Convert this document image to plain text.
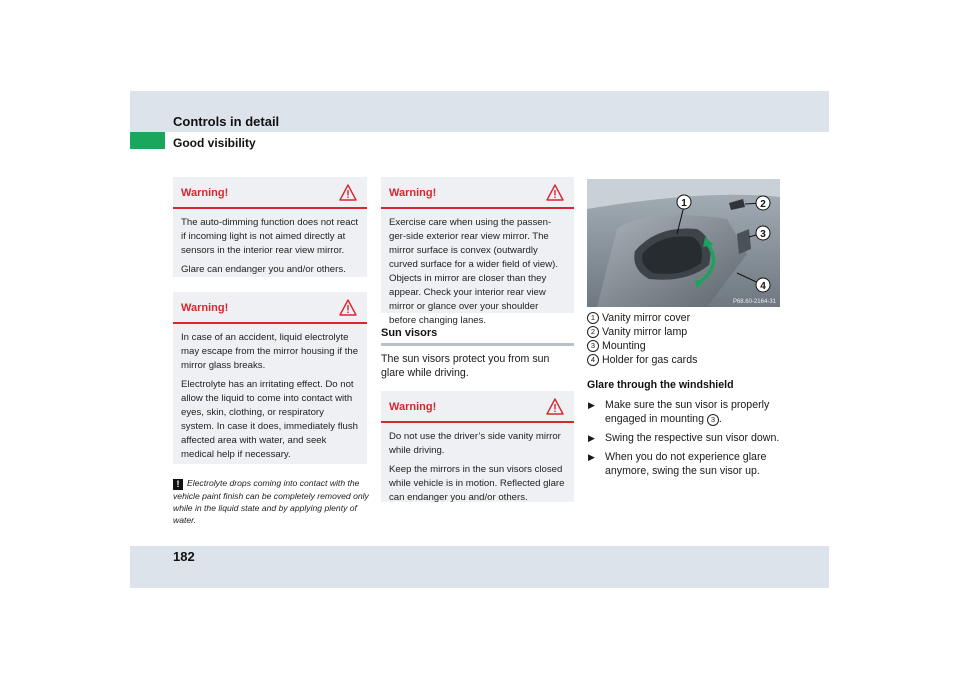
Controls in detail
Good visibility
Warning!

The auto-dimming function does not react if incoming light is not aimed directly at sensors in the interior rear view mirror.

Glare can endanger you and/or others.

Warning!

In case of an accident, liquid electrolyte may escape from the mirror housing if the mirror glass breaks.

Electrolyte has an irritating effect. Do not allow the liquid to come into contact with eyes, skin, clothing, or respiratory system. In case it does, immediately flush affected area with water, and seek medical help if necessary.

! Electrolyte drops coming into contact with the vehicle paint finish can be completely removed only while in the liquid state and by applying plenty of water.
Warning!

Exercise care when using the passen-ger-side exterior rear view mirror. The mirror surface is convex (outwardly curved surface for a wider field of view). Objects in mirror are closer than they appear. Check your interior rear view mirror or glance over your shoulder before changing lanes.

Sun visors
The sun visors protect you from sun glare while driving.
Warning!

Do not use the driver’s side vanity mirror while driving.

Keep the mirrors in the sun visors closed while vehicle is in motion. Reflected glare can endanger you and/or others.

1	2
3
4
P68.60-2164-31
1 Vanity mirror cover
2 Vanity mirror lamp
3 Mounting
4 Holder for gas cards
Glare through the windshield
▶ Make sure the sun visor is properly engaged in mounting 3 .
▶ Swing the respective sun visor down.
▶ When you do not experience glare anymore, swing the sun visor up.
182
